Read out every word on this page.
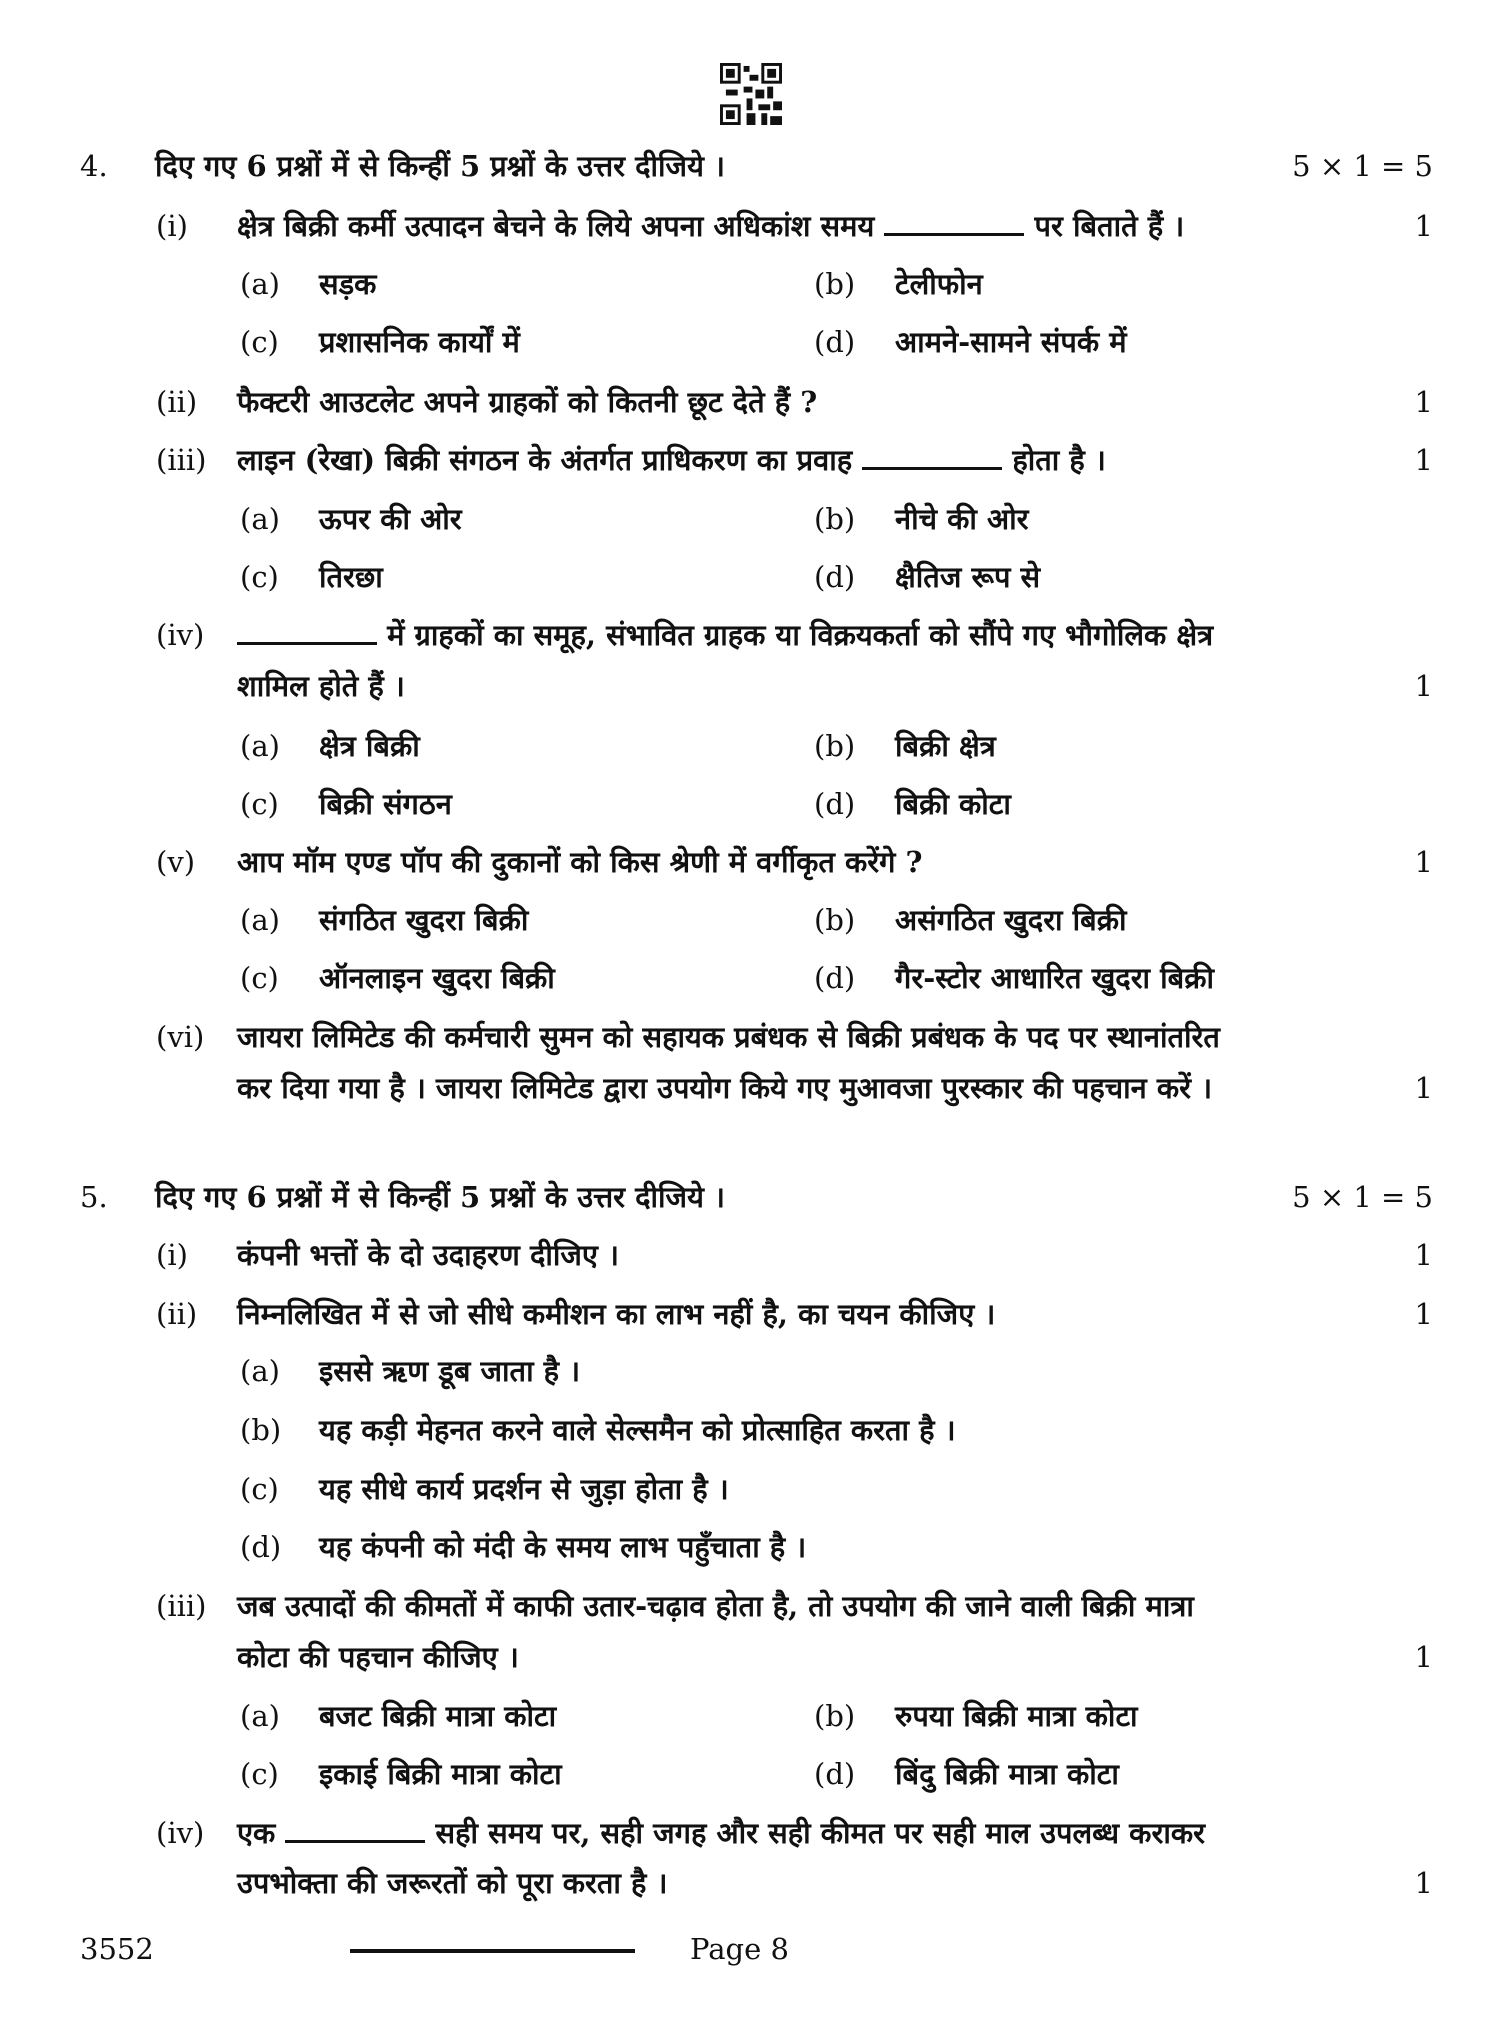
4. दिए गए 6 प्रश्नों में से किन्हीं 5 प्रश्नों के उत्तर दीजिये ।	5 × 1 = 5
(i) क्षेत्र बिक्री कर्मी उत्पादन बेचने के लिये अपना अधिकांश समय	पर बिताते हैं ।	1
(a) सड़क	(b) टेलीफोन
(c) प्रशासनिक कार्यों में	(d) आमने-सामने संपर्क में
(ii) फैक्टरी आउटलेट अपने ग्राहकों को कितनी छूट देते हैं ?	1
(iii) लाइन (रेखा) बिक्री संगठन के अंतर्गत प्राधिकरण का प्रवाह	होता है ।	1
(a) ऊपर की ओर	(b) नीचे की ओर
(c) तिरछा	(d) क्षैतिज रूप से
(iv)	में ग्राहकों का समूह, संभावित ग्राहक या विक्रयकर्ता को सौंपे गए भौगोलिक क्षेत्र
शामिल होते हैं ।	1
(a) क्षेत्र बिक्री	(b) बिक्री क्षेत्र
(c) बिक्री संगठन	(d) बिक्री कोटा
(v) आप मॉम एण्ड पॉप की दुकानों को किस श्रेणी में वर्गीकृत करेंगे ?	1
(a) संगठित खुदरा बिक्री	(b) असंगठित खुदरा बिक्री
(c) ऑनलाइन खुदरा बिक्री	(d) गैर-स्टोर आधारित खुदरा बिक्री
(vi) जायरा लिमिटेड की कर्मचारी सुमन को सहायक प्रबंधक से बिक्री प्रबंधक के पद पर स्थानांतरित
कर दिया गया है । जायरा लिमिटेड द्वारा उपयोग किये गए मुआवजा पुरस्कार की पहचान करें ।	1
5. दिए गए 6 प्रश्नों में से किन्हीं 5 प्रश्नों के उत्तर दीजिये ।	5 × 1 = 5
(i) कंपनी भत्तों के दो उदाहरण दीजिए ।	1
(ii) निम्नलिखित में से जो सीधे कमीशन का लाभ नहीं है, का चयन कीजिए ।	1
(a) इससे ऋण डूब जाता है ।
(b) यह कड़ी मेहनत करने वाले सेल्समैन को प्रोत्साहित करता है ।
(c) यह सीधे कार्य प्रदर्शन से जुड़ा होता है ।
(d) यह कंपनी को मंदी के समय लाभ पहुँचाता है ।
(iii) जब उत्पादों की कीमतों में काफी उतार-चढ़ाव होता है, तो उपयोग की जाने वाली बिक्री मात्रा
कोटा की पहचान कीजिए ।	1
(a) बजट बिक्री मात्रा कोटा	(b) रुपया बिक्री मात्रा कोटा
(c) इकाई बिक्री मात्रा कोटा	(d) बिंदु बिक्री मात्रा कोटा
(iv) एक	सही समय पर, सही जगह और सही कीमत पर सही माल उपलब्ध कराकर
उपभोक्ता की जरूरतों को पूरा करता है ।	1
3552	Page 8
